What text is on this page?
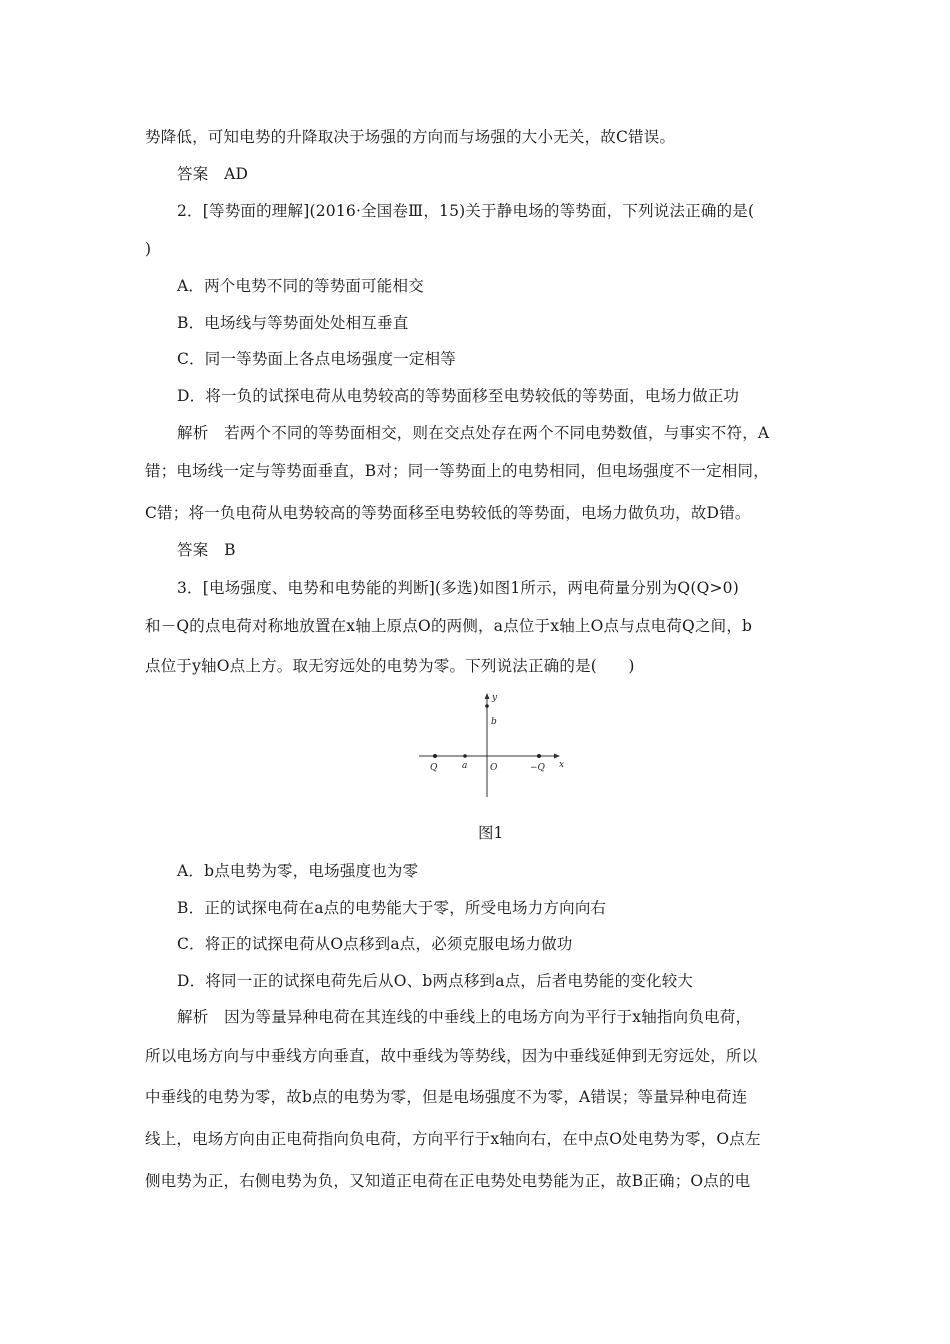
势降低，可知电势的升降取决于场强的方向而与场强的大小无关，故C错误。
答案　AD
2．[等势面的理解](2016·全国卷Ⅲ，15)关于静电场的等势面，下列说法正确的是(
)
A．两个电势不同的等势面可能相交
B．电场线与等势面处处相互垂直
C．同一等势面上各点电场强度一定相等
D．将一负的试探电荷从电势较高的等势面移至电势较低的等势面，电场力做正功
解析　若两个不同的等势面相交，则在交点处存在两个不同电势数值，与事实不符，A
错；电场线一定与等势面垂直，B对；同一等势面上的电势相同，但电场强度不一定相同，
C错；将一负电荷从电势较高的等势面移至电势较低的等势面，电场力做负功，故D错。
答案　B
3．[电场强度、电势和电势能的判断](多选)如图1所示，两电荷量分别为Q(Q>0)
和－Q的点电荷对称地放置在x轴上原点O的两侧，a点位于x轴上O点与点电荷Q之间，b
点位于y轴O点上方。取无穷远处的电势为零。下列说法正确的是(　　)
y
b
Q	a	O	−Q x
图1
A．b点电势为零，电场强度也为零
B．正的试探电荷在a点的电势能大于零，所受电场力方向向右
C．将正的试探电荷从O点移到a点，必须克服电场力做功
D．将同一正的试探电荷先后从O、b两点移到a点，后者电势能的变化较大
解析　因为等量异种电荷在其连线的中垂线上的电场方向为平行于x轴指向负电荷，
所以电场方向与中垂线方向垂直，故中垂线为等势线，因为中垂线延伸到无穷远处，所以
中垂线的电势为零，故b点的电势为零，但是电场强度不为零，A错误；等量异种电荷连
线上，电场方向由正电荷指向负电荷，方向平行于x轴向右，在中点O处电势为零，O点左
侧电势为正，右侧电势为负，又知道正电荷在正电势处电势能为正，故B正确；O点的电
